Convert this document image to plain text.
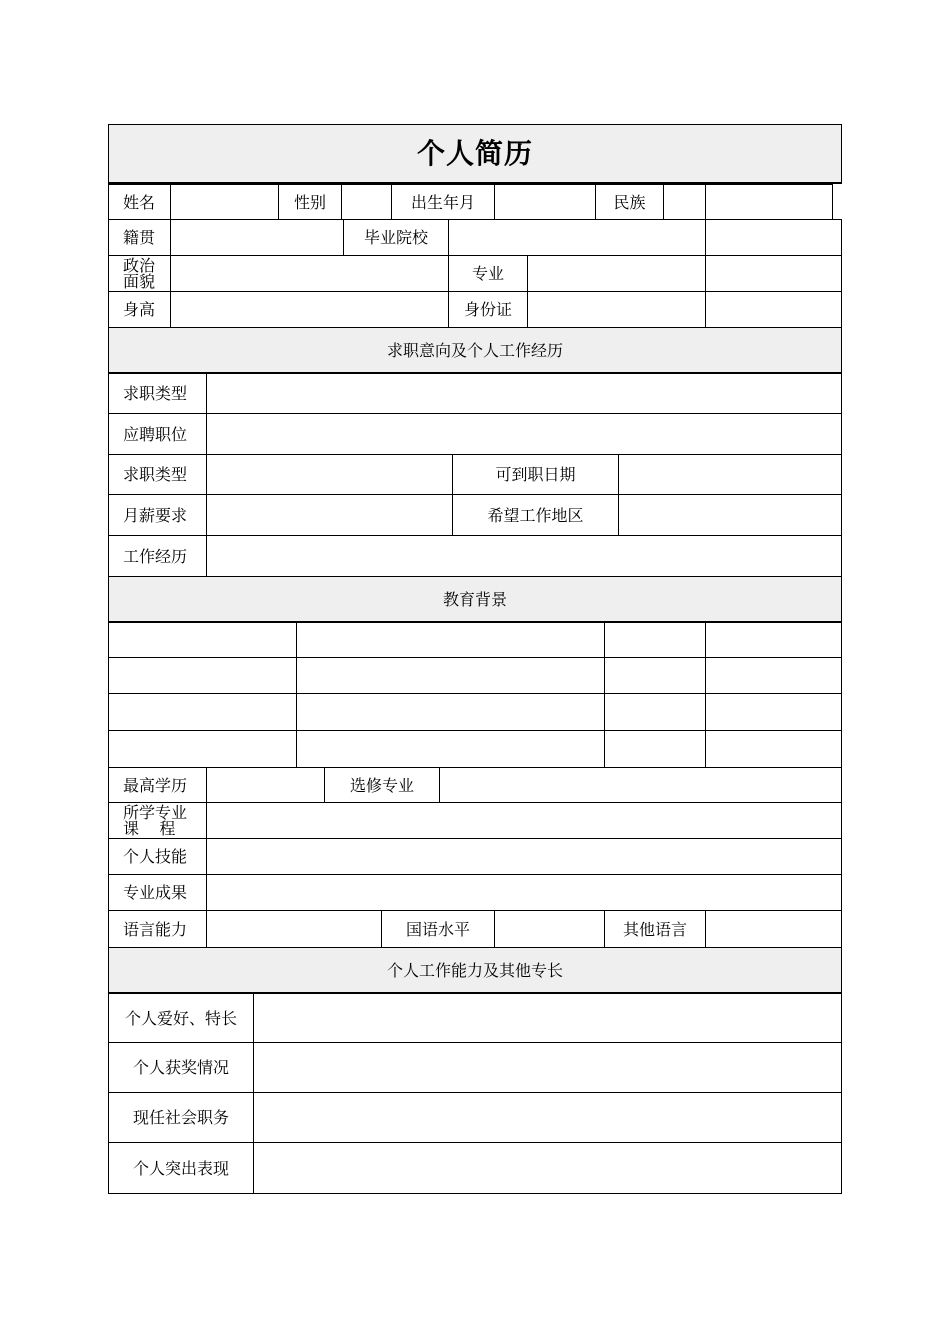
个人简历
姓名	性别	出生年月	民族
籍贯	毕业院校
政治
面貌	专业
身高	身份证
求职意向及个人工作经历
求职类型
应聘职位
求职类型	可到职日期
月薪要求	希望工作地区
工作经历
教育背景
最高学历	选修专业
所学专业
课    程
个人技能
专业成果
语言能力	国语水平	其他语言
个人工作能力及其他专长
个人爱好、特长
个人获奖情况
现任社会职务
个人突出表现
